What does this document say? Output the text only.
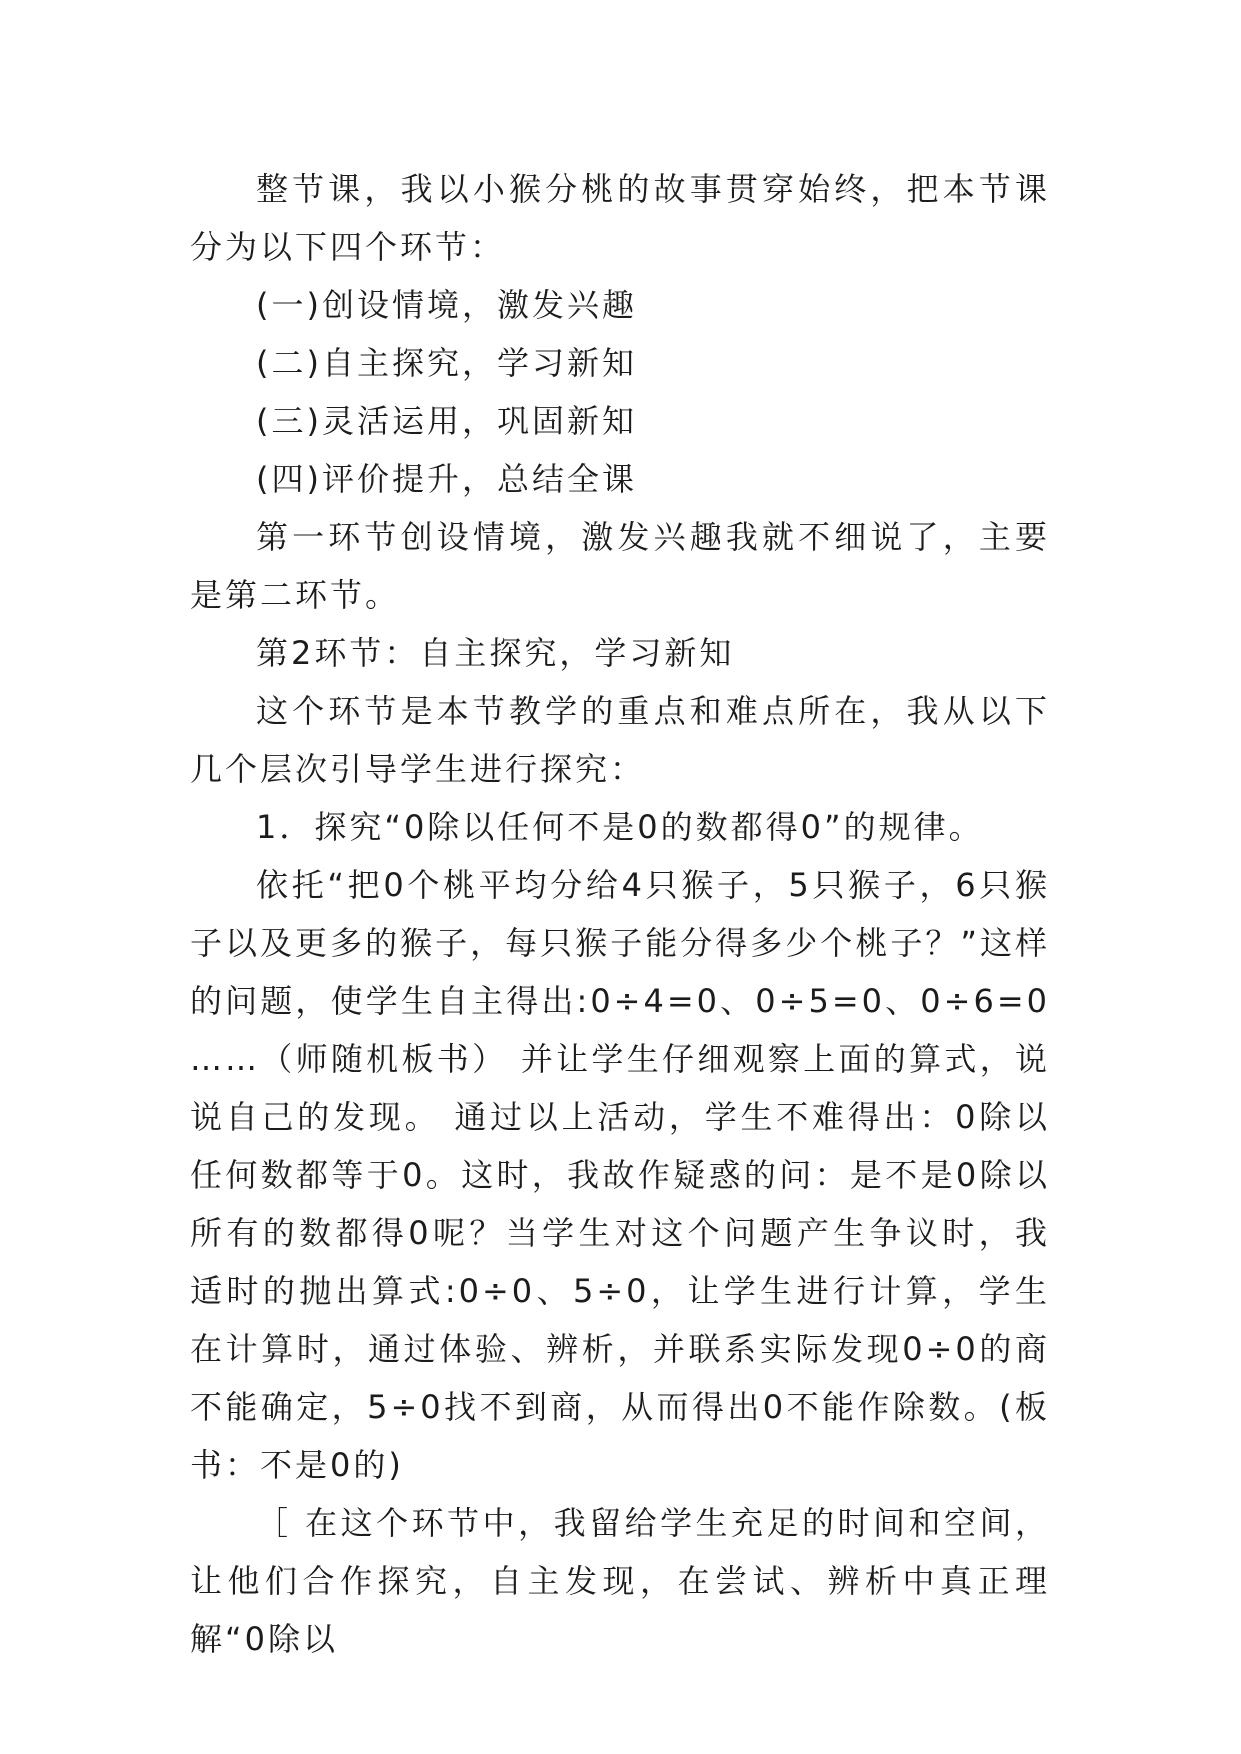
整节课，我以小猴分桃的故事贯穿始终，把本节课分为以下四个环节：

(一)创设情境，激发兴趣

(二)自主探究，学习新知

(三)灵活运用，巩固新知

(四)评价提升，总结全课

第一环节创设情境，激发兴趣我就不细说了，主要是第二环节。

第2环节：自主探究，学习新知

这个环节是本节教学的重点和难点所在，我从以下几个层次引导学生进行探究：

1．探究“0除以任何不是0的数都得0”的规律。

依托“把0个桃平均分给4只猴子，5只猴子，6只猴子以及更多的猴子，每只猴子能分得多少个桃子？”这样的问题，使学生自主得出:0÷4=0、0÷5=0、0÷6=0 ……（师随机板书） 并让学生仔细观察上面的算式，说说自己的发现。 通过以上活动，学生不难得出：0除以任何数都等于0。这时，我故作疑惑的问：是不是0除以所有的数都得0呢？当学生对这个问题产生争议时，我适时的抛出算式:0÷0、5÷0，让学生进行计算，学生在计算时，通过体验、辨析，并联系实际发现0÷0的商不能确定，5÷0找不到商，从而得出0不能作除数。(板书：不是0的)

［ 在这个环节中，我留给学生充足的时间和空间，让他们合作探究，自主发现，在尝试、辨析中真正理解“0除以
